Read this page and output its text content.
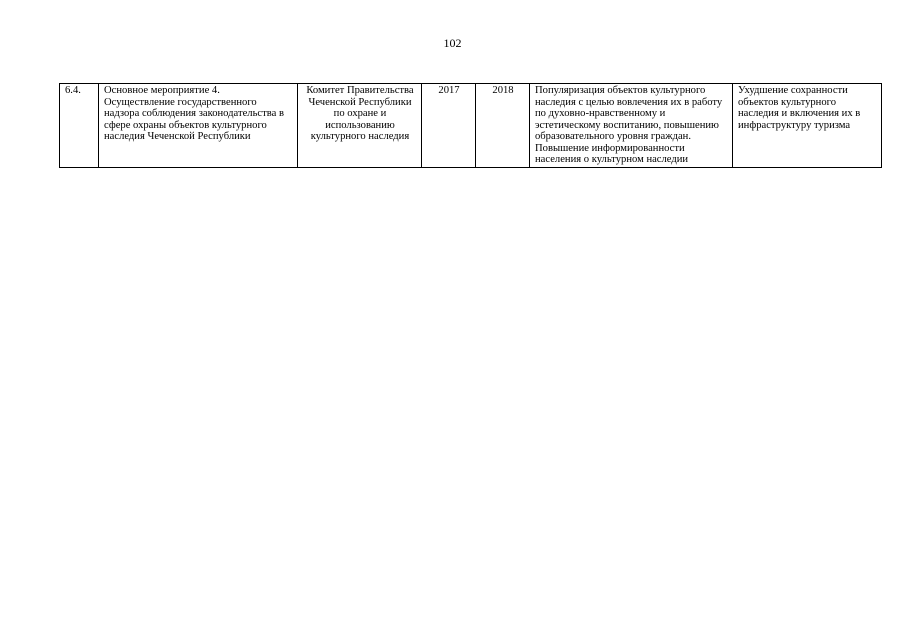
102
6.4.	Основное мероприятие 4. Осуществление государственного надзора соблюдения законодательства в сфере охраны объектов культурного наследия Чеченской Республики	Комитет Правительства Чеченской Республики по охране и использованию культурного наследия	2017	2018	Популяризация объектов культурного наследия с целью вовлечения их в работу по духовно-нравственному и эстетическому воспитанию, повышению образовательного уровня граждан. Повышение информированности населения о культурном наследии	Ухудшение сохранности объектов культурного наследия и включения их в инфраструктуру туризма
